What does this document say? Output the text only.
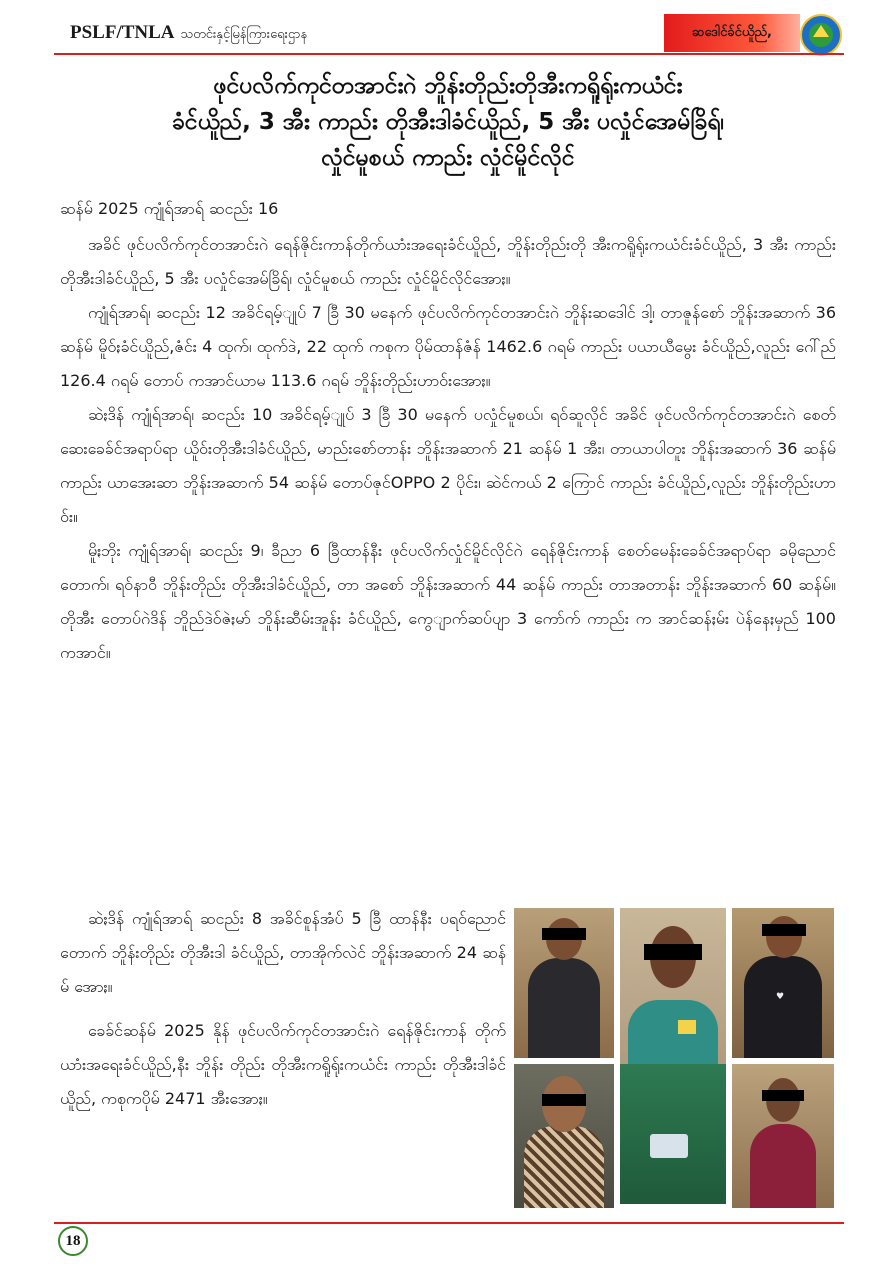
PSLF/TNLA သတင်းနှင့်မြန်ကြားရေးဌာန	ဆဒေါင်ခ်င်ယိူည်,
ဖုင်ပလိက်ကုင်တအာင်းဂဲ ဘိူန်းတိုည်းတိုအီးကရိူရ်ုးကယံင်း
ခံင်ယိူည်, 3 အီး ကာည်း တိုအီးဒါခံင်ယိူည်, 5 အီး ပလှုံင်အေမ်ခြိရ်၊
လှုံင်မူစယ် ကာည်း လှုံင်မိူင်လိုင်

ဆန်မ် 2025 ကျုံရ်အာရ် ဆငည်း 16

အခိင် ဖုင်ပလိက်ကုင်တအာင်းဂဲ ရေန်ဇိုင်းကာန်တိုက်ယာံးအရေးခံင်ယိူည်, ဘိူန်းတိုည်းတို အီးကရိူရ်ုးကယံင်းခံင်ယိူည်, 3 အီး ကာည်း တိုအီးဒါခံင်ယိူည်, 5 အီး ပလှုံင်အေမ်ခြိရ်၊ လှုံင်မူစယ် ကာည်း လှုံင်မိူင်လိုင်အောႏ။

ကျုံရ်အာရ်၊ ဆငည်း 12 အခိင်ရမ့်ျုပ် 7 ခြီ 30 မနေက် ဖုင်ပလိက်ကုင်တအာင်းဂဲ ဘိူန်းဆဒေါင် ဒါ့၊ တာဇူန်စော် ဘိူန်းအဆာက် 36 ဆန်မ် မိူဝ်ႏခံင်ယိူည်,ဇံင်း 4 ထုက်၊ ထုက်ဒဲ, 22 ထုက် ကစုက ပိုမ်ထာန်ဇံန် 1462.6 ဂရမ် ကာည်း ပယာယီမွေး ခံင်ယိူည်,လူည်း ဂေါ်ည် 126.4 ဂရမ် တောပ် ကအာင်ယာမ 113.6 ဂရမ် ဘိူန်းတိုည်းဟာဝ်းအောႏ။

ဆဲႏဒိန် ကျုံရ်အာရ်၊ ဆငည်း 10 အခိင်ရမ့်ျုပ် 3 ခြီ 30 မနေက် ပလှုံင်မူစယ်၊ ရဝ်ဆူလိုင် အခိင် ဖုင်ပလိက်ကုင်တအာင်းဂဲ စေတ်ဆေးခေခ်င်အရာပ်ရာ ယိူဝ်းတိုအီးဒါခံင်ယိူည်, မာည်းစော်တာန်း ဘိူန်းအဆာက် 21 ဆန်မ် 1 အီး၊ တာယာပါတူး ဘိူန်းအဆာက် 36 ဆန်မ် ကာည်း ယာအေးဆာ ဘိူန်းအဆာက် 54 ဆန်မ် တောပ်ဇုင်OPPO 2 ပိုင်း၊ ဆဲင်ကယ် 2 ကြောင် ကာည်း ခံင်ယိူည်,လူည်း ဘိူန်းတိုည်းဟာဝ်း။

မိူႏဘိုး ကျုံရ်အာရ်၊ ဆငည်း 9၊ ခီညာ 6 ခြီထာန်နီး ဖုင်ပလိက်လှုံင်မိူင်လိုင်ဂဲ ရေန်ဇိုင်းကာန် စေတ်မေန်းခေခ်င်အရာပ်ရာ ခမိုညောင်တောက်၊ ရဝ်နာဝီ ဘိူန်းတိုည်း တိုအီးဒါခံင်ယိူည်, တာ အစော် ဘိူန်းအဆာက် 44 ဆန်မ် ကာည်း တာအတာန်း ဘိူန်းအဆာက် 60 ဆန်မ်။ တိုအီး တောပ်ဂဲဒိန် ဘိူည်ဒဲဝ်ဇဲႏမာ် ဘိူန်းဆီမ်းအူန်း ခံင်ယိူည်, ကွေျာက်ဆပ်ပျာ 3 ကော်က် ကာည်း က အာင်ဆန်ႏမ်း ပဲန်နေႏမှည် 100 ကအာင်။

ဆဲႏဒိန် ကျုံရ်အာရ် ဆငည်း 8 အခိင်စူန်အံပ် 5 ခြီ ထာန်နီး ပရဝ်ညောင်တောက် ဘိူန်းတိုည်း တိုအီးဒါ ခံင်ယိူည်, တာအိုက်လဲင် ဘိူန်းအဆာက် 24 ဆန်မ် အောႏ။

ခေခ်င်ဆန်မ် 2025 နိုန် ဖုင်ပလိက်ကုင်တအာင်းဂဲ ရေန်ဇိုင်းကာန် တိုက်ယာံးအရေးခံင်ယိူည်,နီး ဘိူန်း တိုည်း တိုအီးကရိူရ်ုးကယံင်း ကာည်း တိုအီးဒါခံင် ယိူည်, ကစုကပိုမ် 2471 အီးအောႏ။

♥
18
